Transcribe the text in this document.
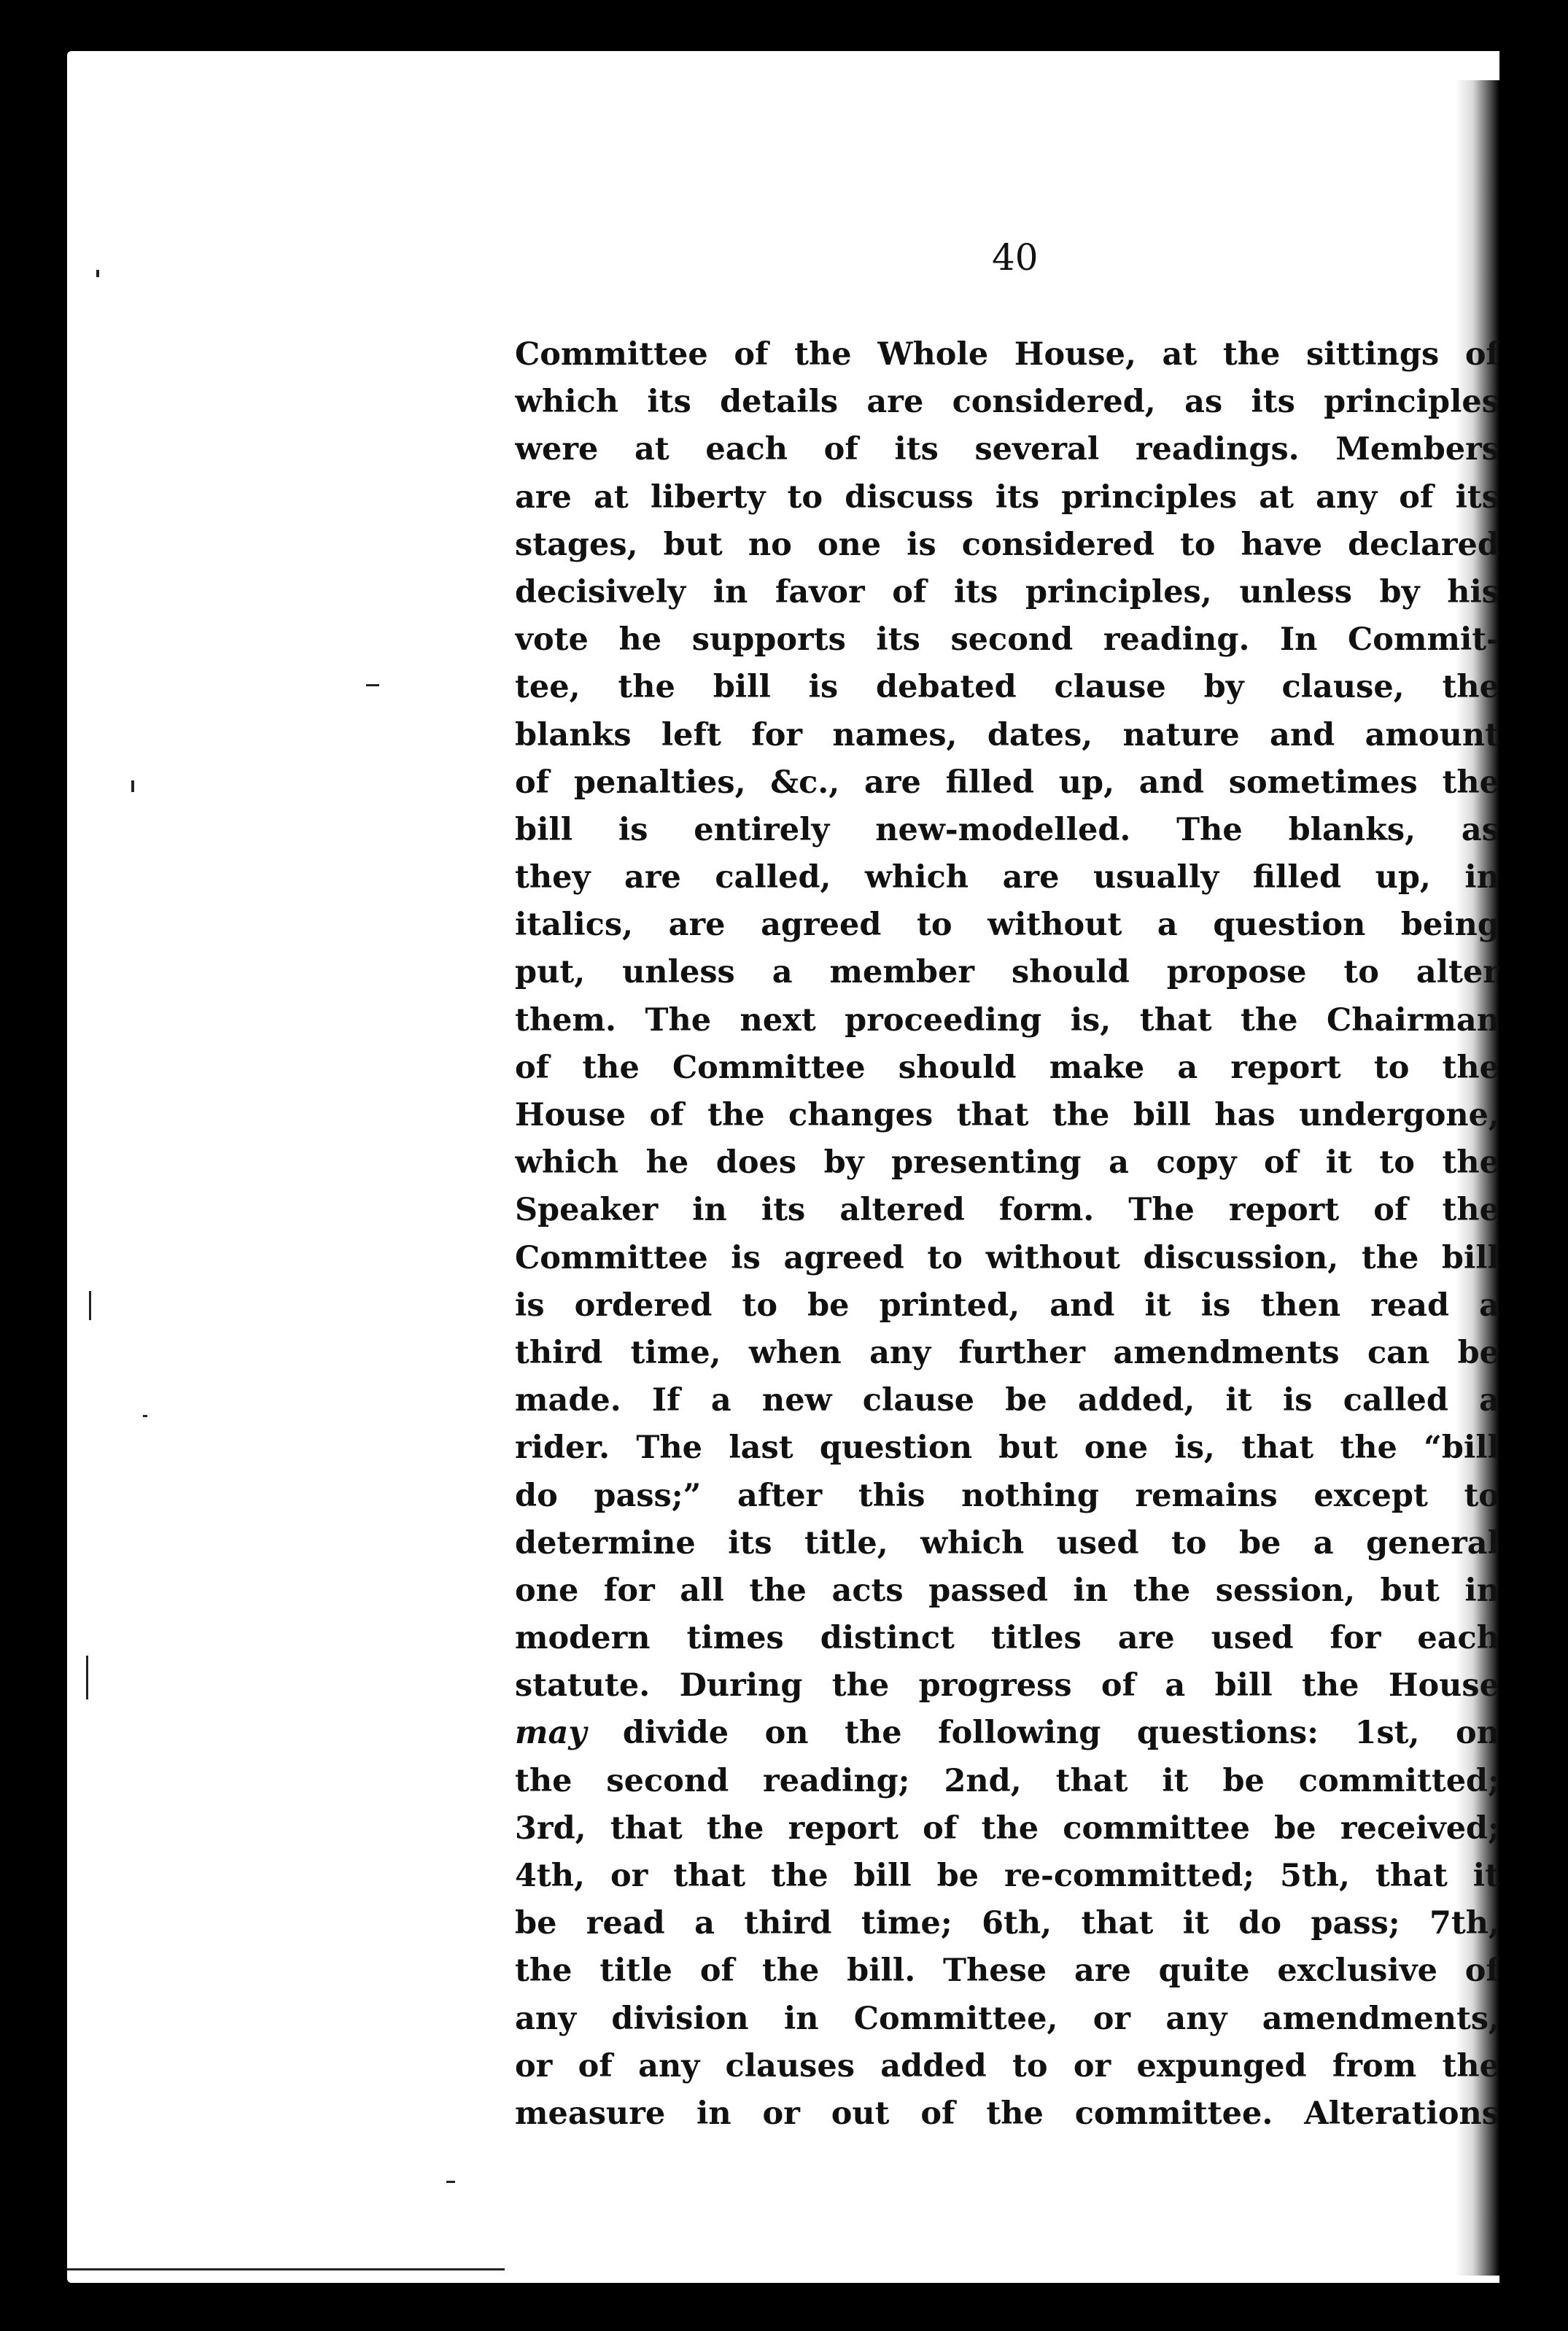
40
Committee of the Whole House, at the sittings of
which its details are considered, as its principles
were at each of its several readings. Members
are at liberty to discuss its principles at any of its
stages, but no one is considered to have declared
decisively in favor of its principles, unless by his
vote he supports its second reading. In Commit-
tee, the bill is debated clause by clause, the
blanks left for names, dates, nature and amount
of penalties, &c., are filled up, and sometimes the
bill is entirely new-modelled. The blanks, as
they are called, which are usually filled up, in
italics, are agreed to without a question being
put, unless a member should propose to alter
them. The next proceeding is, that the Chairman
of the Committee should make a report to the
House of the changes that the bill has undergone,
which he does by presenting a copy of it to the
Speaker in its altered form. The report of the
Committee is agreed to without discussion, the bill
is ordered to be printed, and it is then read a
third time, when any further amendments can be
made. If a new clause be added, it is called a
rider. The last question but one is, that the “bill
do pass;” after this nothing remains except to
determine its title, which used to be a general
one for all the acts passed in the session, but in
modern times distinct titles are used for each
statute. During the progress of a bill the House
may divide on the following questions: 1st, on
the second reading; 2nd, that it be committed;
3rd, that the report of the committee be received;
4th, or that the bill be re-committed; 5th, that it
be read a third time; 6th, that it do pass; 7th,
the title of the bill. These are quite exclusive of
any division in Committee, or any amendments,
or of any clauses added to or expunged from the
measure in or out of the committee. Alterations
